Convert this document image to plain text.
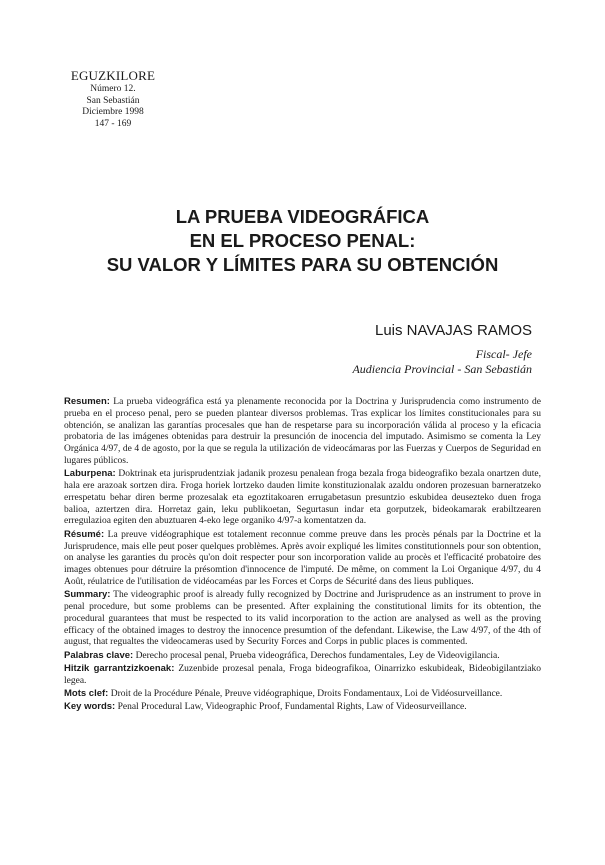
EGUZKILORE
Número 12.
San Sebastián
Diciembre 1998
147 - 169
LA PRUEBA VIDEOGRÁFICA
EN EL PROCESO PENAL:
SU VALOR Y LÍMITES PARA SU OBTENCIÓN
Luis NAVAJAS RAMOS
Fiscal- Jefe
Audiencia Provincial - San Sebastián

Resumen: La prueba videográfica está ya plenamente reconocida por la Doctrina y Jurisprudencia como instrumento de prueba en el proceso penal, pero se pueden plantear diversos problemas. Tras explicar los límites constitucionales para su obtención, se analizan las garantías procesales que han de respetarse para su incorporación válida al proceso y la eficacia probatoria de las imágenes obtenidas para destruir la presunción de inocencia del imputado. Asimismo se comenta la Ley Orgánica 4/97, de 4 de agosto, por la que se regula la utilización de videocámaras por las Fuerzas y Cuerpos de Seguridad en lugares públicos.

Laburpena: Doktrinak eta jurisprudentziak jadanik prozesu penalean froga bezala froga bideografiko bezala onartzen dute, hala ere arazoak sortzen dira. Froga horiek lortzeko dauden limite konstituzionalak azaldu ondoren prozesuan barneratzeko errespetatu behar diren berme prozesalak eta egoztitakoaren errugabetasun presuntzio eskubidea deusezteko duen froga balioa, aztertzen dira. Horretaz gain, leku publikoetan, Segurtasun indar eta gorputzek, bideokamarak erabiltzearen erregulazioa egiten den abuztuaren 4-eko lege organiko 4/97-a komentatzen da.

Résumé: La preuve vidéographique est totalement reconnue comme preuve dans les procès pénals par la Doctrine et la Jurisprudence, mais elle peut poser quelques problèmes. Après avoir expliqué les limites constitutionnels pour son obtention, on analyse les garanties du procès qu'on doit respecter pour son incorporation valide au procès et l'efficacité probatoire des images obtenues pour détruire la présomtion d'innocence de l'imputé. De même, on comment la Loi Organique 4/97, du 4 Août, réulatrice de l'utilisation de vidéocaméas par les Forces et Corps de Sécurité dans des lieus publiques.

Summary: The videographic proof is already fully recognized by Doctrine and Jurisprudence as an instrument to prove in penal procedure, but some problems can be presented. After explaining the constitutional limits for its obtention, the procedural guarantees that must be respected to its valid incorporation to the action are analysed as well as the proving efficacy of the obtained images to destroy the innocence presumtion of the defendant. Likewise, the Law 4/97, of the 4th of august, that regualtes the videocameras used by Security Forces and Corps in public places is commented.

Palabras clave: Derecho procesal penal, Prueba videográfica, Derechos fundamentales, Ley de Videovigilancia.

Hitzik garrantzizkoenak: Zuzenbide prozesal penala, Froga bideografikoa, Oinarrizko eskubideak, Bideobigilantziako legea.

Mots clef: Droit de la Procédure Pénale, Preuve vidéographique, Droits Fondamentaux, Loi de Vidéosurveillance.

Key words: Penal Procedural Law, Videographic Proof, Fundamental Rights, Law of Videosurveillance.
